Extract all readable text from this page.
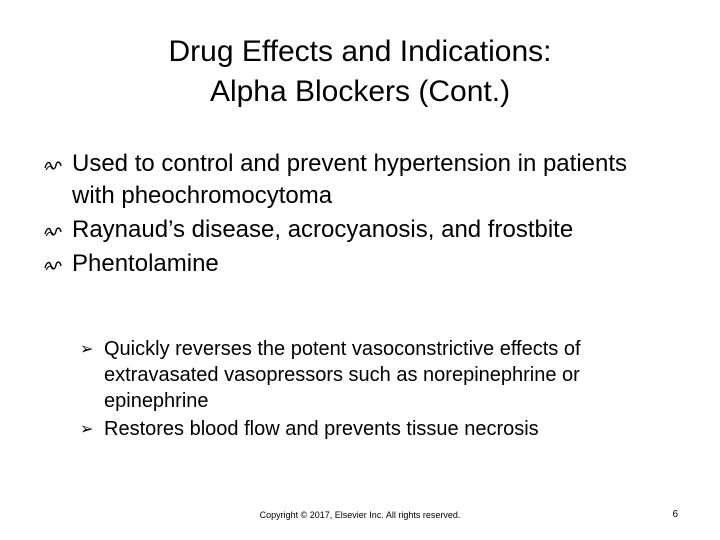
Drug Effects and Indications:
Alpha Blockers (Cont.)
Used to control and prevent hypertension in patients with pheochromocytoma
Raynaud’s disease, acrocyanosis, and frostbite
Phentolamine
➢ Quickly reverses the potent vasoconstrictive effects of extravasated vasopressors such as norepinephrine or epinephrine
➢ Restores blood flow and prevents tissue necrosis
Copyright © 2017, Elsevier Inc. All rights reserved.	6
